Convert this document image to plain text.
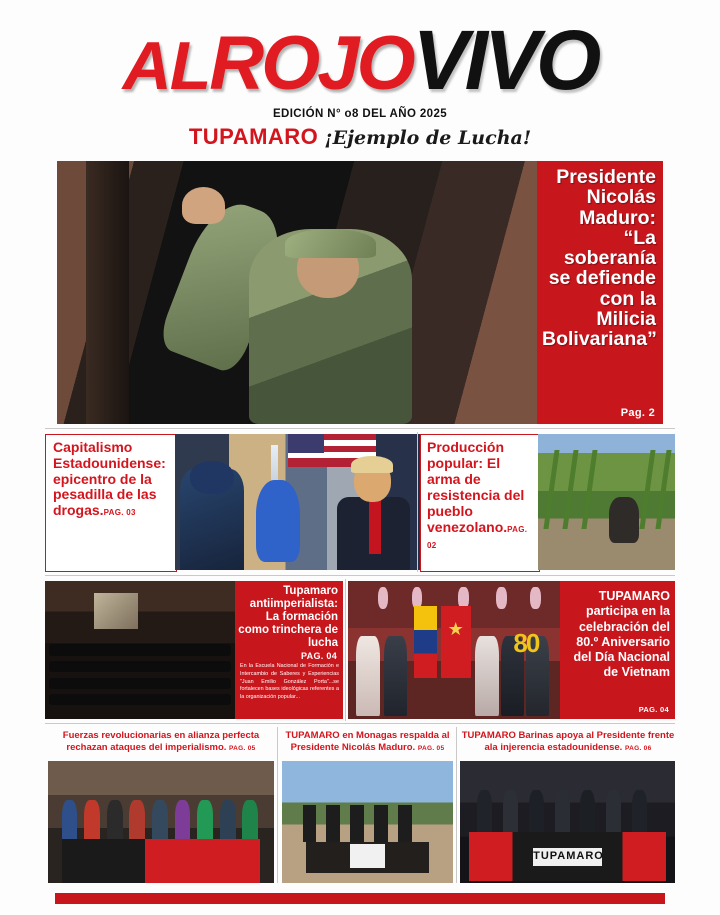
ALROJOVIVO
EDICIÓN N° o8 DEL AÑO 2025
TUPAMARO ¡Ejemplo de Lucha!
Presidente Nicolás Maduro: “La soberanía se defiende con la Milicia Bolivariana”
Pag. 2
Capitalismo Estadounidense: epicentro de la pesadilla de las drogas.PAG. 03
Producción popular: El arma de resistencia del pueblo venezolano.PAG. 02
Tupamaro antiimperialista: La formación como trinchera de lucha
PAG. 04
En la Escuela Nacional de Formación e Intercambio de Saberes y Experiencias "Juan Emilio González Porta"...se fortalecen bases ideológicas referentes a la organización popular...
★ 80
TUPAMARO participa en la celebración del 80.º Aniversario del Día Nacional de Vietnam
PAG. 04
Fuerzas revolucionarias en alianza perfecta rechazan ataques del imperialismo. PAG. 05
TUPAMARO en Monagas respalda al Presidente Nicolás Maduro. PAG. 05
TUPAMARO Barinas apoya al Presidente frente ala injerencia estadounidense. PAG. 06
TUPAMARO
